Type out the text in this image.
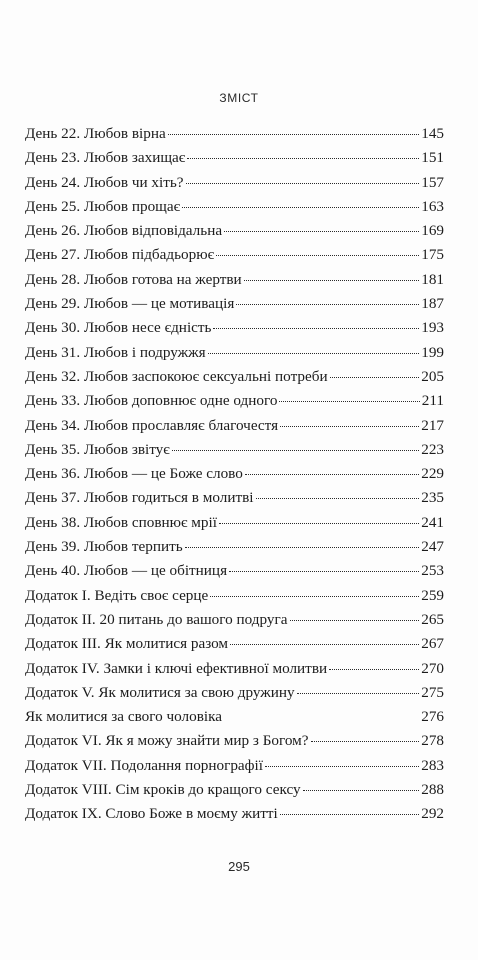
ЗМІСТ
День 22. Любов вірна	145
День 23. Любов захищає	151
День 24. Любов чи хіть?	157
День 25. Любов прощає	163
День 26. Любов відповідальна	169
День 27. Любов підбадьорює	175
День 28. Любов готова на жертви	181
День 29. Любов — це мотивація	187
День 30. Любов несе єдність	193
День 31. Любов і подружжя	199
День 32. Любов заспокоює сексуальні потреби	205
День 33. Любов доповнює одне одного	211
День 34. Любов прославляє благочестя	217
День 35. Любов звітує	223
День 36. Любов — це Боже слово	229
День 37. Любов годиться в молитві	235
День 38. Любов сповнює мрії	241
День 39. Любов терпить	247
День 40. Любов — це обітниця	253
Додаток I. Ведіть своє серце	259
Додаток II. 20 питань до вашого подруга	265
Додаток III. Як молитися разом	267
Додаток IV. Замки і ключі ефективної молитви	270
Додаток V. Як молитися за свою дружину	275
Як молитися за свого чоловіка	276
Додаток VI. Як я можу знайти мир з Богом?	278
Додаток VII. Подолання порнографії	283
Додаток VIII. Сім кроків до кращого сексу	288
Додаток IX. Слово Боже в моєму житті	292
295
